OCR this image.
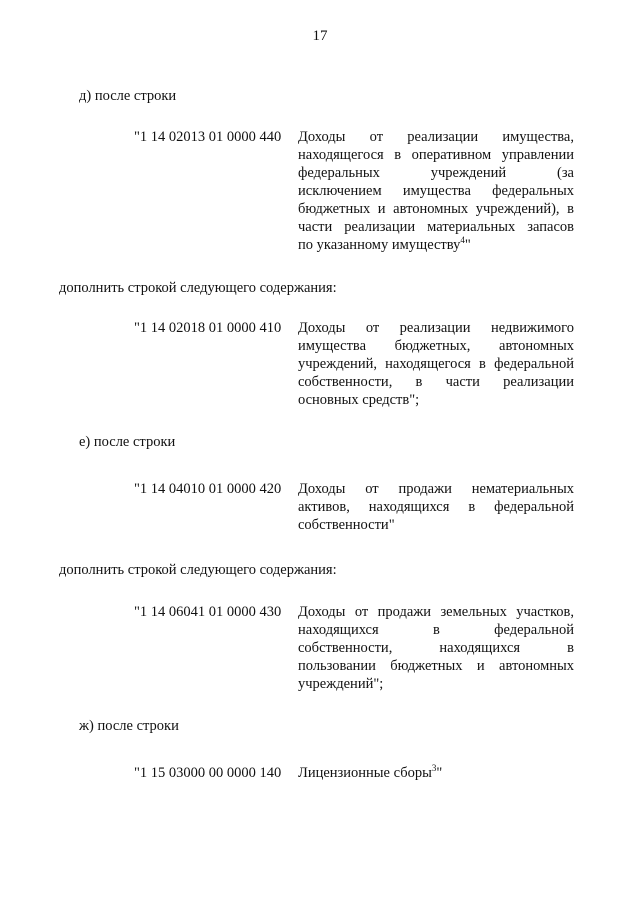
17
д) после строки
"1 14 02013 01 0000 440	Доходы от реализации имущества,
находящегося в оперативном управлении
федеральных учреждений (за
исключением имущества федеральных
бюджетных и автономных учреждений), в
части реализации материальных запасов
по указанному имуществу$^4$"
дополнить строкой следующего содержания:
"1 14 02018 01 0000 410	Доходы от реализации недвижимого
имущества бюджетных, автономных
учреждений, находящегося в федеральной
собственности, в части реализации
основных средств";
е) после строки
"1 14 04010 01 0000 420	Доходы от продажи нематериальных
активов, находящихся в федеральной
собственности"
дополнить строкой следующего содержания:
"1 14 06041 01 0000 430	Доходы от продажи земельных участков,
находящихся в федеральной
собственности, находящихся в
пользовании бюджетных и автономных
учреждений";
ж) после строки
"1 15 03000 00 0000 140	Лицензионные сборы$^3$"
